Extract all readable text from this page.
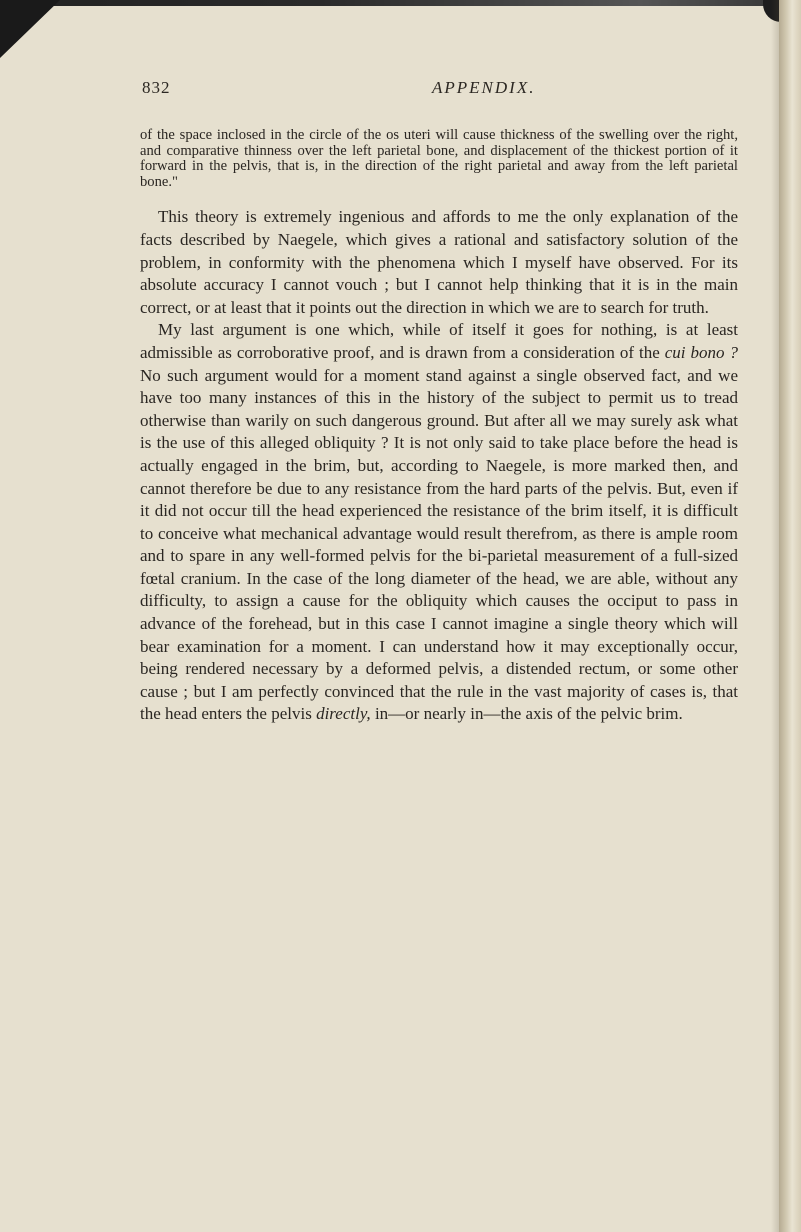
832	APPENDIX.

of the space inclosed in the circle of the os uteri will cause thickness of the swelling over the right, and comparative thinness over the left parietal bone, and displacement of the thickest portion of it forward in the pelvis, that is, in the direction of the right parietal and away from the left parietal bone."

This theory is extremely ingenious and affords to me the only explanation of the facts described by Naegele, which gives a rational and satisfactory solution of the problem, in conformity with the phenomena which I myself have observed. For its absolute accuracy I cannot vouch ; but I cannot help thinking that it is in the main correct, or at least that it points out the direction in which we are to search for truth.

My last argument is one which, while of itself it goes for nothing, is at least admissible as corroborative proof, and is drawn from a consideration of the cui bono ? No such argument would for a moment stand against a single observed fact, and we have too many instances of this in the history of the subject to permit us to tread otherwise than warily on such dangerous ground. But after all we may surely ask what is the use of this alleged obliquity ? It is not only said to take place before the head is actually engaged in the brim, but, according to Naegele, is more marked then, and cannot therefore be due to any resistance from the hard parts of the pelvis. But, even if it did not occur till the head experienced the resistance of the brim itself, it is difficult to conceive what mechanical advantage would result therefrom, as there is ample room and to spare in any well-formed pelvis for the bi-parietal measurement of a full-sized fœtal cranium. In the case of the long diameter of the head, we are able, without any difficulty, to assign a cause for the obliquity which causes the occiput to pass in advance of the forehead, but in this case I cannot imagine a single theory which will bear examination for a moment. I can understand how it may exceptionally occur, being rendered necessary by a deformed pelvis, a distended rectum, or some other cause ; but I am perfectly convinced that the rule in the vast majority of cases is, that the head enters the pelvis directly, in—or nearly in—the axis of the pelvic brim.
